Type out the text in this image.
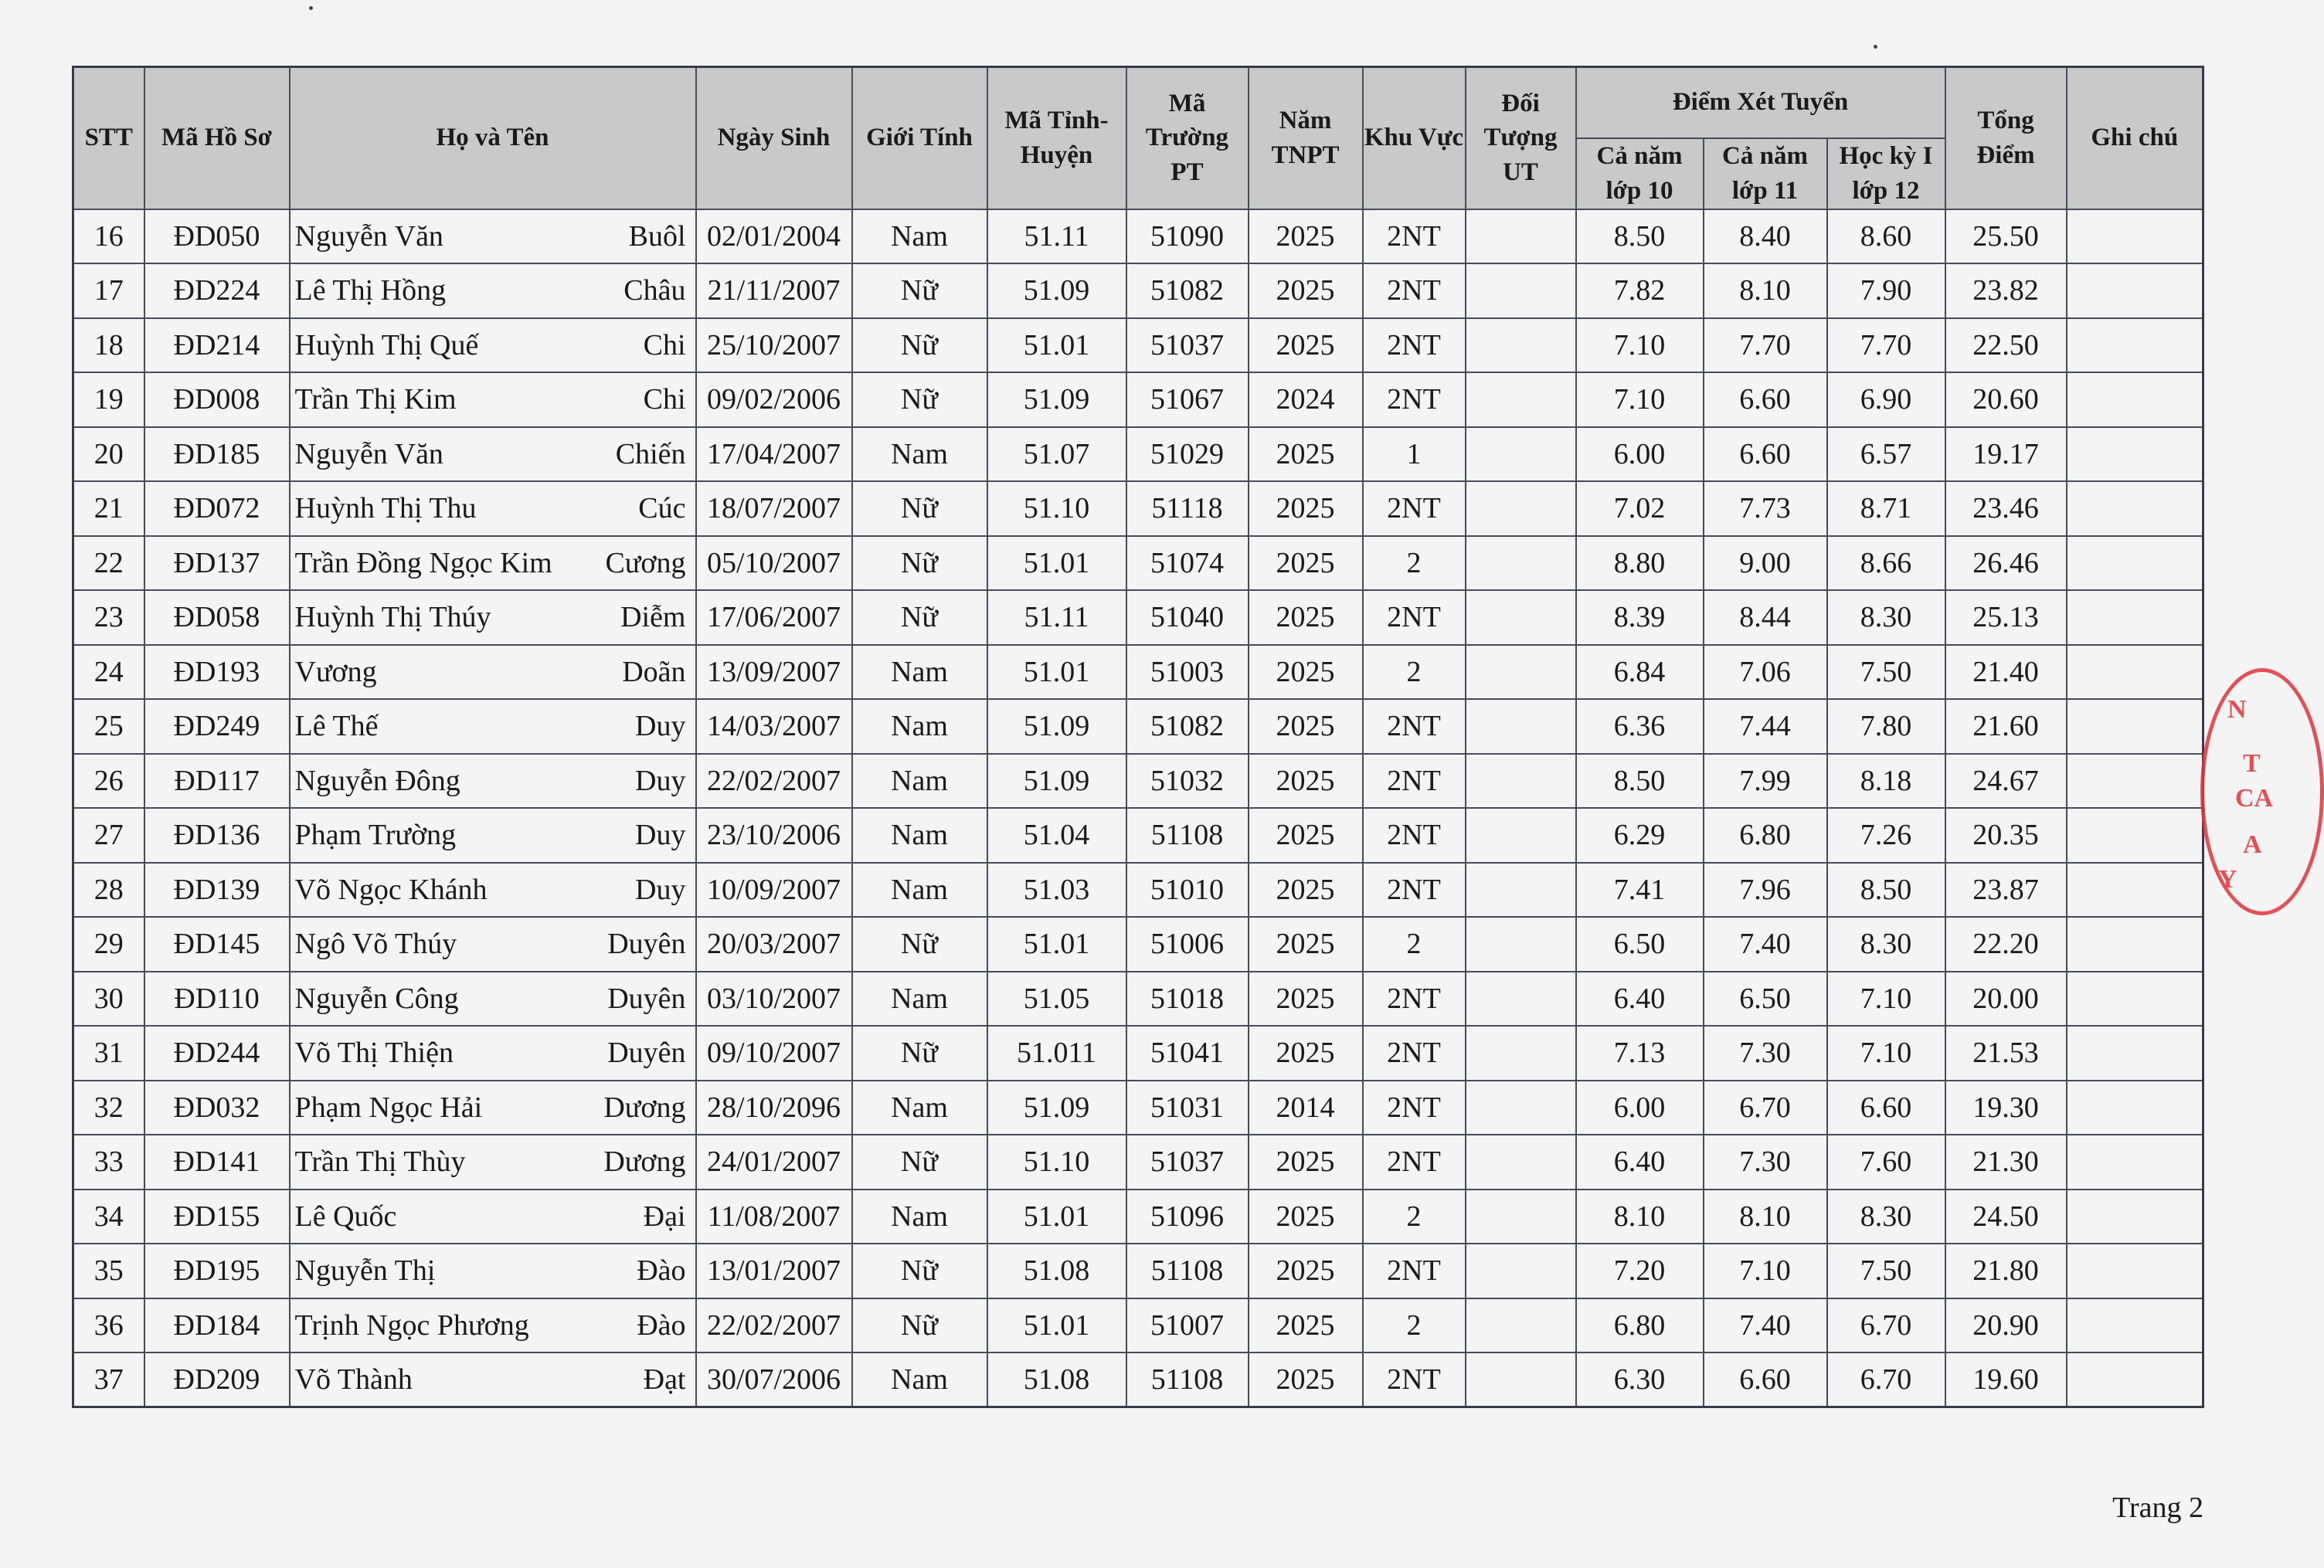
STT	Mã Hồ Sơ	Họ và Tên	Ngày Sinh	Giới Tính	Mã Tỉnh-Huyện	Mã Trường PT	Năm TNPT	Khu Vực	Đối Tượng UT	Điểm Xét Tuyển			Tổng Điểm	Ghi chú
										Cả năm lớp 10	Cả năm lớp 11	Học kỳ I lớp 12		
16	ĐD050	Nguyễn Văn Buôl	02/01/2004	Nam	51.11	51090	2025	2NT		8.50	8.40	8.60	25.50	
17	ĐD224	Lê Thị Hồng Châu	21/11/2007	Nữ	51.09	51082	2025	2NT		7.82	8.10	7.90	23.82	
18	ĐD214	Huỳnh Thị Quế Chi	25/10/2007	Nữ	51.01	51037	2025	2NT		7.10	7.70	7.70	22.50	
19	ĐD008	Trần Thị Kim Chi	09/02/2006	Nữ	51.09	51067	2024	2NT		7.10	6.60	6.90	20.60	
20	ĐD185	Nguyễn Văn Chiến	17/04/2007	Nam	51.07	51029	2025	1		6.00	6.60	6.57	19.17	
21	ĐD072	Huỳnh Thị Thu Cúc	18/07/2007	Nữ	51.10	51118	2025	2NT		7.02	7.73	8.71	23.46	
22	ĐD137	Trần Đồng Ngọc Kim Cương	05/10/2007	Nữ	51.01	51074	2025	2		8.80	9.00	8.66	26.46	
23	ĐD058	Huỳnh Thị Thúy Diễm	17/06/2007	Nữ	51.11	51040	2025	2NT		8.39	8.44	8.30	25.13	
24	ĐD193	Vương Doãn	13/09/2007	Nam	51.01	51003	2025	2		6.84	7.06	7.50	21.40	
25	ĐD249	Lê Thế Duy	14/03/2007	Nam	51.09	51082	2025	2NT		6.36	7.44	7.80	21.60	
26	ĐD117	Nguyễn Đông Duy	22/02/2007	Nam	51.09	51032	2025	2NT		8.50	7.99	8.18	24.67	
27	ĐD136	Phạm Trường Duy	23/10/2006	Nam	51.04	51108	2025	2NT		6.29	6.80	7.26	20.35	
28	ĐD139	Võ Ngọc Khánh Duy	10/09/2007	Nam	51.03	51010	2025	2NT		7.41	7.96	8.50	23.87	
29	ĐD145	Ngô Võ Thúy Duyên	20/03/2007	Nữ	51.01	51006	2025	2		6.50	7.40	8.30	22.20	
30	ĐD110	Nguyễn Công Duyên	03/10/2007	Nam	51.05	51018	2025	2NT		6.40	6.50	7.10	20.00	
31	ĐD244	Võ Thị Thiện Duyên	09/10/2007	Nữ	51.011	51041	2025	2NT		7.13	7.30	7.10	21.53	
32	ĐD032	Phạm Ngọc Hải Dương	28/10/2096	Nam	51.09	51031	2014	2NT		6.00	6.70	6.60	19.30	
33	ĐD141	Trần Thị Thùy Dương	24/01/2007	Nữ	51.10	51037	2025	2NT		6.40	7.30	7.60	21.30	
34	ĐD155	Lê Quốc Đại	11/08/2007	Nam	51.01	51096	2025	2		8.10	8.10	8.30	24.50	
35	ĐD195	Nguyễn Thị Đào	13/01/2007	Nữ	51.08	51108	2025	2NT		7.20	7.10	7.50	21.80	
36	ĐD184	Trịnh Ngọc Phương Đào	22/02/2007	Nữ	51.01	51007	2025	2		6.80	7.40	6.70	20.90	
37	ĐD209	Võ Thành Đạt	30/07/2006	Nam	51.08	51108	2025	2NT		6.30	6.60	6.70	19.60	
N
T
CA
A
Y
Trang 2
